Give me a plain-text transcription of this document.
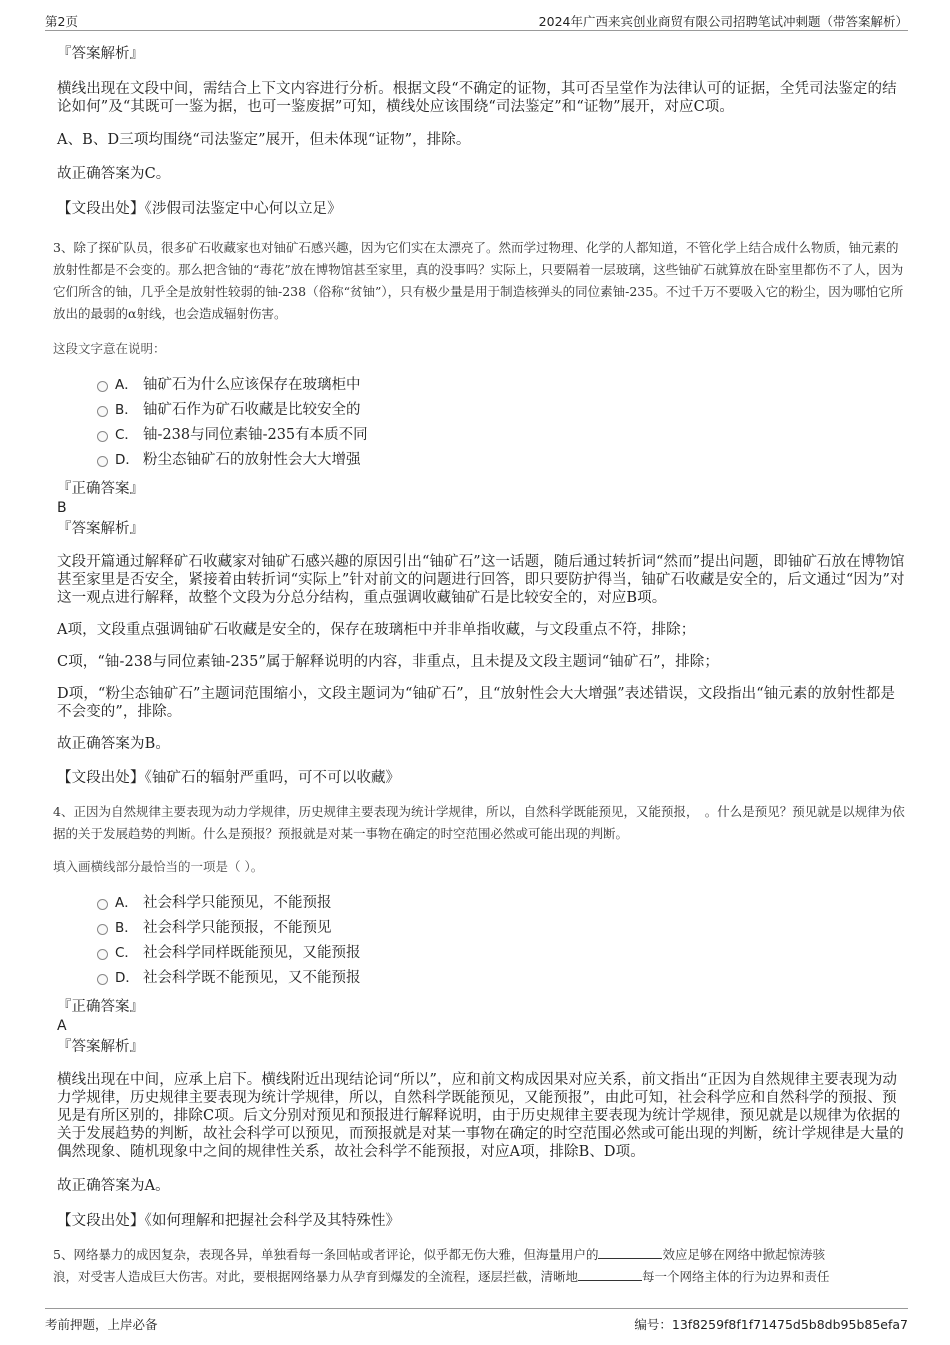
第2页	2024年广西来宾创业商贸有限公司招聘笔试冲刺题（带答案解析）

『答案解析』

横线出现在文段中间，需结合上下文内容进行分析。根据文段“不确定的证物，其可否呈堂作为法律认可的证据，全凭司法鉴定的结论如何”及“其既可一鉴为据，也可一鉴废据”可知，横线处应该围绕“司法鉴定”和“证物”展开，对应C项。

A、B、D三项均围绕“司法鉴定”展开，但未体现“证物”，排除。

故正确答案为C。

【文段出处】《涉假司法鉴定中心何以立足》

3、除了探矿队员，很多矿石收藏家也对铀矿石感兴趣，因为它们实在太漂亮了。然而学过物理、化学的人都知道，不管化学上结合成什么物质，铀元素的放射性都是不会变的。那么把含铀的“毒花”放在博物馆甚至家里，真的没事吗？实际上，只要隔着一层玻璃，这些铀矿石就算放在卧室里都伤不了人，因为它们所含的铀，几乎全是放射性较弱的铀-238（俗称“贫铀”），只有极少量是用于制造核弹头的同位素铀-235。不过千万不要吸入它的粉尘，因为哪怕它所放出的最弱的α射线，也会造成辐射伤害。

这段文字意在说明：

A． 铀矿石为什么应该保存在玻璃柜中
B． 铀矿石作为矿石收藏是比较安全的
C． 铀-238与同位素铀-235有本质不同
D． 粉尘态铀矿石的放射性会大大增强

『正确答案』

B

『答案解析』

文段开篇通过解释矿石收藏家对铀矿石感兴趣的原因引出“铀矿石”这一话题，随后通过转折词“然而”提出问题，即铀矿石放在博物馆甚至家里是否安全，紧接着由转折词“实际上”针对前文的问题进行回答，即只要防护得当，铀矿石收藏是安全的，后文通过“因为”对这一观点进行解释，故整个文段为分总分结构，重点强调收藏铀矿石是比较安全的，对应B项。

A项，文段重点强调铀矿石收藏是安全的，保存在玻璃柜中并非单指收藏，与文段重点不符，排除；

C项，“铀-238与同位素铀-235”属于解释说明的内容，非重点，且未提及文段主题词“铀矿石”，排除；

D项，“粉尘态铀矿石”主题词范围缩小，文段主题词为“铀矿石”，且“放射性会大大增强”表述错误，文段指出“铀元素的放射性都是不会变的”，排除。

故正确答案为B。

【文段出处】《铀矿石的辐射严重吗，可不可以收藏》

4、正因为自然规律主要表现为动力学规律，历史规律主要表现为统计学规律，所以，自然科学既能预见，又能预报，　。什么是预见？预见就是以规律为依据的关于发展趋势的判断。什么是预报？预报就是对某一事物在确定的时空范围必然或可能出现的判断。

填入画横线部分最恰当的一项是（ ）。

A． 社会科学只能预见，不能预报
B． 社会科学只能预报，不能预见
C． 社会科学同样既能预见，又能预报
D． 社会科学既不能预见，又不能预报

『正确答案』

A

『答案解析』

横线出现在中间，应承上启下。横线附近出现结论词“所以”，应和前文构成因果对应关系，前文指出“正因为自然规律主要表现为动力学规律，历史规律主要表现为统计学规律，所以，自然科学既能预见，又能预报”，由此可知，社会科学应和自然科学的预报、预见是有所区别的，排除C项。后文分别对预见和预报进行解释说明，由于历史规律主要表现为统计学规律，预见就是以规律为依据的关于发展趋势的判断，故社会科学可以预见，而预报就是对某一事物在确定的时空范围必然或可能出现的判断，统计学规律是大量的偶然现象、随机现象中之间的规律性关系，故社会科学不能预报，对应A项，排除B、D项。

故正确答案为A。

【文段出处】《如何理解和把握社会科学及其特殊性》

5、网络暴力的成因复杂，表现各异，单独看每一条回帖或者评论，似乎都无伤大雅，但海量用户的	效应足够在网络中掀起惊涛骇
浪，对受害人造成巨大伤害。对此，要根据网络暴力从孕育到爆发的全流程，逐层拦截，清晰地	每一个网络主体的行为边界和责任

考前押题，上岸必备	编号：13f8259f8f1f71475d5b8db95b85efa7
